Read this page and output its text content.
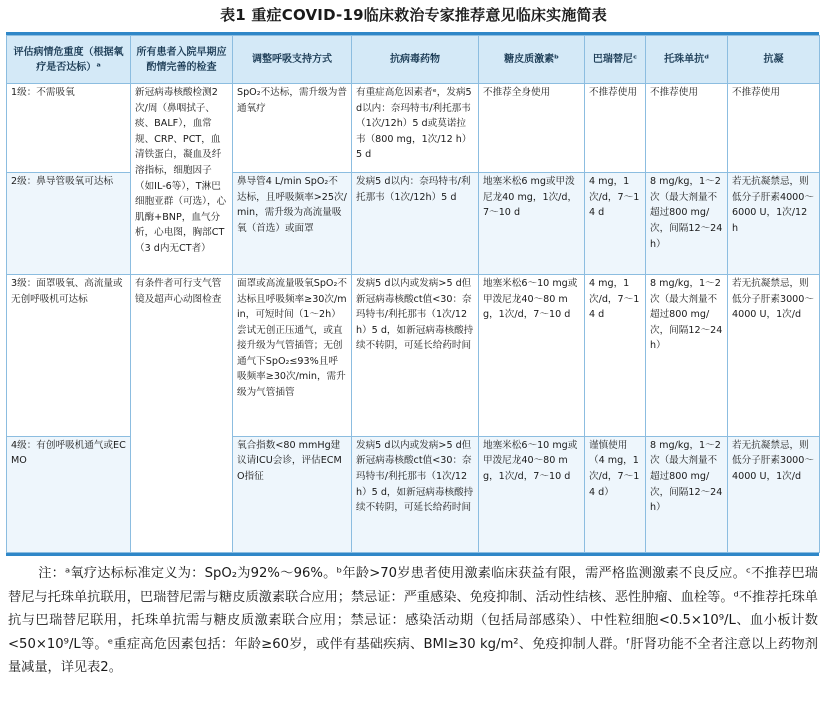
表1 重症COVID-19临床救治专家推荐意见临床实施简表
评估病情危重度（根据氧疗是否达标）ᵃ	所有患者入院早期应酌情完善的检查	调整呼吸支持方式	抗病毒药物	糖皮质激素ᵇ	巴瑞替尼ᶜ	托珠单抗ᵈ	抗凝
1级：不需吸氧	新冠病毒核酸检测2次/周（鼻咽拭子、痰、BALF），血常规、CRP、PCT，血清铁蛋白，凝血及纤溶指标，细胞因子（如IL-6等），T淋巴细胞亚群（可选），心肌酶+BNP，血气分析，心电图，胸部CT（3 d内无CT者）	SpO₂不达标，需升级为普通氧疗	有重症高危因素者ᵉ，发病5 d以内：奈玛特韦/利托那韦（1次/12h）5 d或莫诺拉韦（800 mg，1次/12 h）5 d	不推荐全身使用	不推荐使用	不推荐使用	不推荐使用
2级：鼻导管吸氧可达标		鼻导管4 L/min SpO₂不达标，且呼吸频率>25次/min，需升级为高流量吸氧（首选）或面罩	发病5 d以内：奈玛特韦/利托那韦（1次/12h）5 d	地塞米松6 mg或甲泼尼龙40 mg，1次/d，7～10 d	4 mg，1次/d，7～14 d	8 mg/kg，1～2次（最大剂量不超过800 mg/次，间隔12～24 h）	若无抗凝禁忌，则低分子肝素4000～6000 U，1次/12 h
3级：面罩吸氧、高流量或无创呼吸机可达标	有条件者可行支气管镜及超声心动图检查	面罩或高流量吸氧SpO₂不达标且呼吸频率≥30次/min，可短时间（1～2h）尝试无创正压通气，或直接升级为气管插管；无创通气下SpO₂≤93%且呼吸频率≥30次/min，需升级为气管插管	发病5 d以内或发病>5 d但新冠病毒核酸ct值<30：奈玛特韦/利托那韦（1次/12 h）5 d，如新冠病毒核酸持续不转阴，可延长给药时间	地塞米松6～10 mg或甲泼尼龙40～80 mg，1次/d，7～10 d	4 mg，1次/d，7～14 d	8 mg/kg，1～2次（最大剂量不超过800 mg/次，间隔12～24 h）	若无抗凝禁忌，则低分子肝素3000～4000 U，1次/d
4级：有创呼吸机通气或ECMO		氧合指数<80 mmHg建议请ICU会诊，评估ECMO指征	发病5 d以内或发病>5 d但新冠病毒核酸ct值<30：奈玛特韦/利托那韦（1次/12 h）5 d，如新冠病毒核酸持续不转阴，可延长给药时间	地塞米松6～10 mg或甲泼尼龙40～80 mg，1次/d，7～10 d	谨慎使用（4 mg，1次/d，7～14 d）	8 mg/kg，1～2次（最大剂量不超过800 mg/次，间隔12～24 h）	若无抗凝禁忌，则低分子肝素3000～4000 U，1次/d
注：ᵃ氧疗达标标准定义为：SpO₂为92%～96%。ᵇ年龄>70岁患者使用激素临床获益有限，需严格监测激素不良反应。ᶜ不推荐巴瑞替尼与托珠单抗联用，巴瑞替尼需与糖皮质激素联合应用；禁忌证：严重感染、免疫抑制、活动性结核、恶性肿瘤、血栓等。ᵈ不推荐托珠单抗与巴瑞替尼联用，托珠单抗需与糖皮质激素联合应用；禁忌证：感染活动期（包括局部感染）、中性粒细胞<0.5×10⁹/L、血小板计数<50×10⁹/L等。ᵉ重症高危因素包括：年龄≥60岁，或伴有基础疾病、BMI≥30 kg/m²、免疫抑制人群。ᶠ肝肾功能不全者注意以上药物剂量减量，详见表2。
